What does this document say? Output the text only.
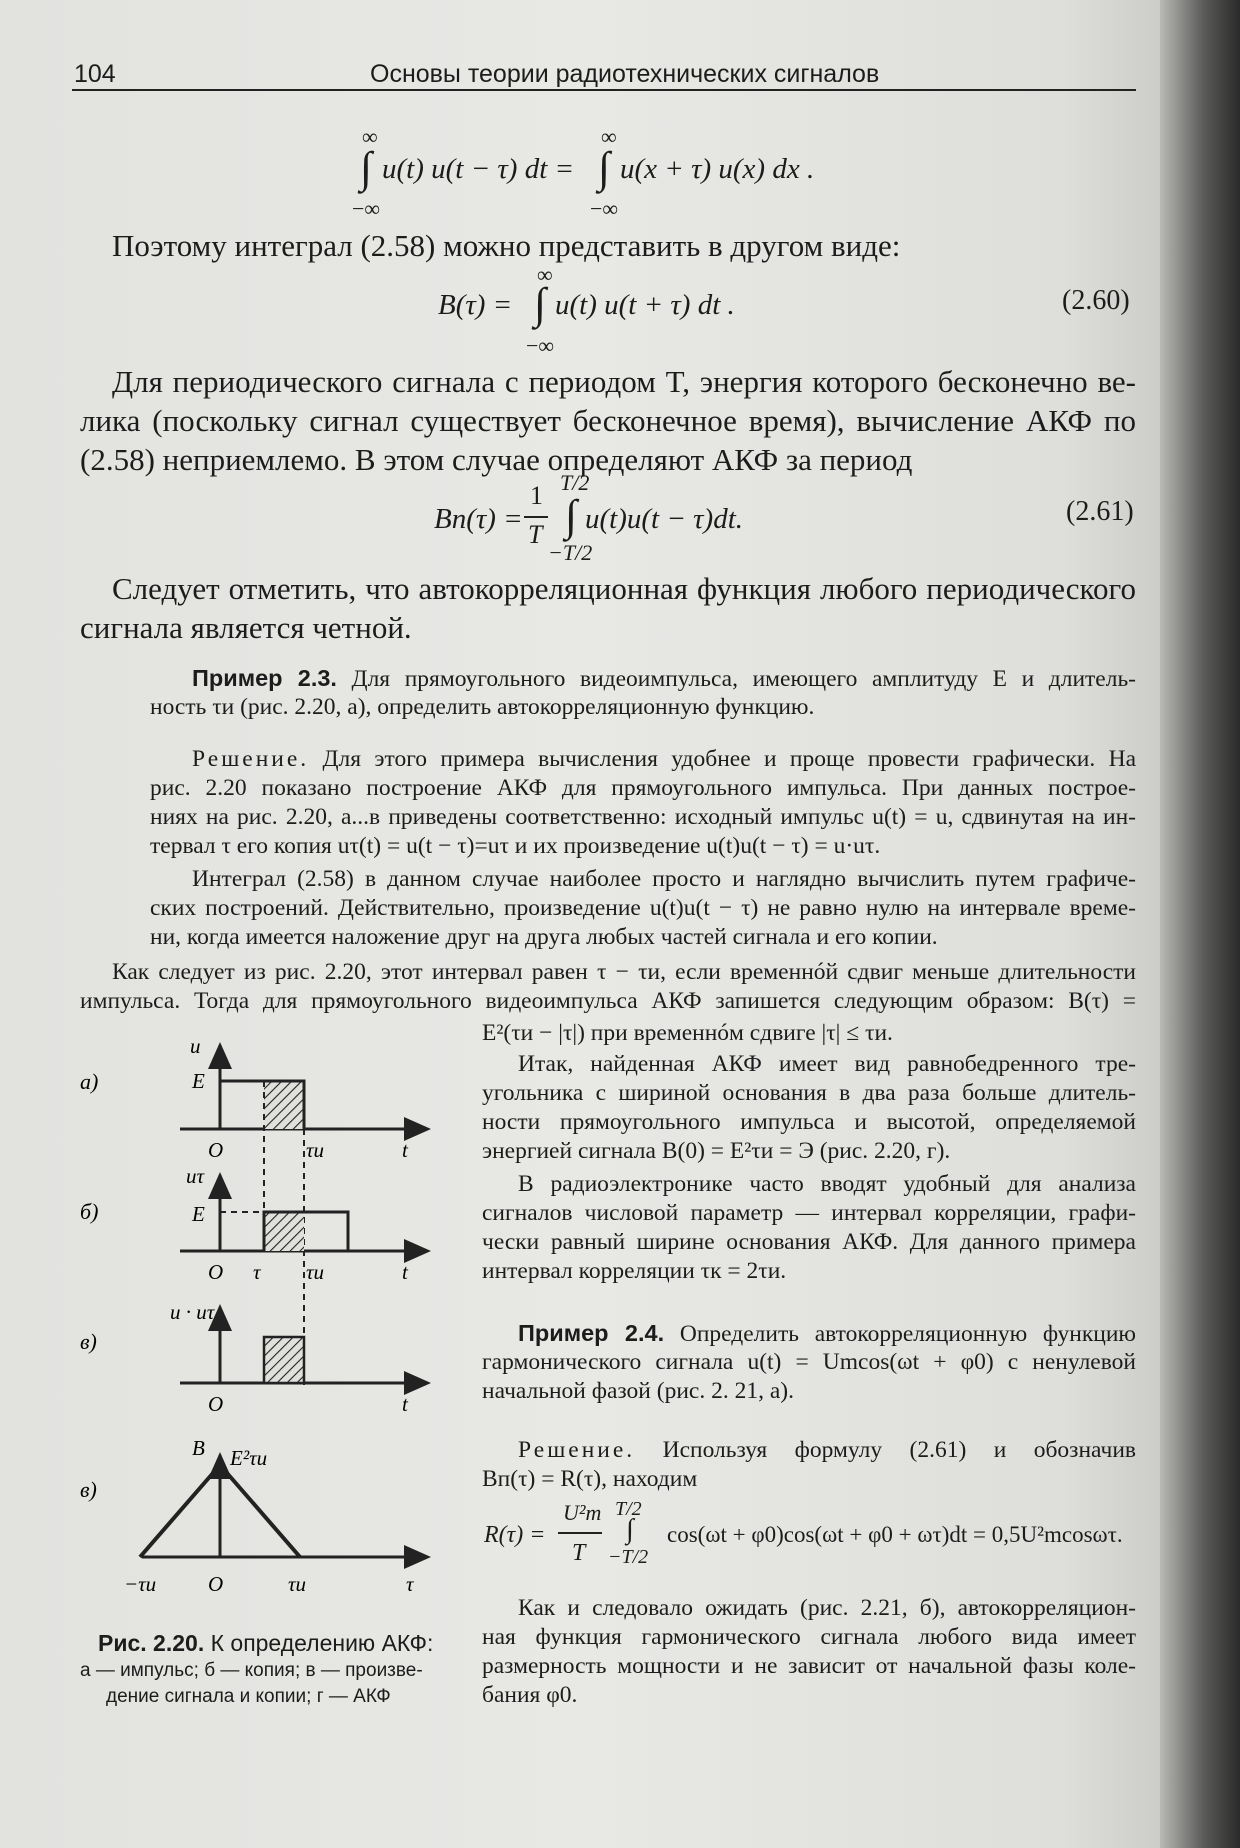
104	Основы теории радиотехнических сигналов
∞
∫
−∞
u(t) u(t − τ) dt =
∞
∫
−∞
u(x + τ) u(x) dx .
Поэтому интеграл (2.58) можно представить в другом виде:
B(τ) =
∞
∫
−∞
u(t) u(t + τ) dt .	(2.60)
Для периодического сигнала с периодом T, энергия которого бесконечно ве-
лика (поскольку сигнал существует бесконечное время), вычисление АКФ по
(2.58) неприемлемо. В этом случае определяют АКФ за период
Bп(τ) =
1
T
T/2
∫
−T/2
u(t)u(t − τ)dt.	(2.61)
Следует отметить, что автокорреляционная функция любого периодического
сигнала является четной.
Пример 2.3. Для прямоугольного видеоимпульса, имеющего амплитуду E и длитель-
ность τи (рис. 2.20, а), определить автокорреляционную функцию.
Решение. Для этого примера вычисления удобнее и проще провести графически. На
рис. 2.20 показано построение АКФ для прямоугольного импульса. При данных построе-
ниях на рис. 2.20, а...в приведены соответственно: исходный импульс u(t) = u, сдвинутая на ин-
тервал τ его копия uτ(t) = u(t − τ)=uτ и их произведение u(t)u(t − τ) = u·uτ.
Интеграл (2.58) в данном случае наиболее просто и наглядно вычислить путем графиче-
ских построений. Действительно, произведение u(t)u(t − τ) не равно нулю на интервале време-
ни, когда имеется наложение друг на друга любых частей сигнала и его копии.
Как следует из рис. 2.20, этот интервал равен τ − τи, если временнóй сдвиг меньше длительности
импульса. Тогда для прямоугольного видеоимпульса АКФ запишется следующим образом: B(τ) =
E²(τи − |τ|) при временнóм сдвиге |τ| ≤ τи.
Итак, найденная АКФ имеет вид равнобедренного тре-
угольника с шириной основания в два раза больше длитель-
ности прямоугольного импульса и высотой, определяемой
энергией сигнала B(0) = E²τи = Э (рис. 2.20, г).
В радиоэлектронике часто вводят удобный для анализа
сигналов числовой параметр — интервал корреляции, графи-
чески равный ширине основания АКФ. Для данного примера
интервал корреляции τк = 2τи.
Пример 2.4. Определить автокорреляционную функцию
гармонического сигнала u(t) = Umcos(ωt + φ0) с ненулевой
начальной фазой (рис. 2. 21, а).
Решение. Используя формулу (2.61) и обозначив
Bп(τ) = R(τ), находим
R(τ) =
U²m
T
T/2
∫
−T/2
cos(ωt + φ0)cos(ωt + φ0 + ωτ)dt = 0,5U²mcosωτ.
Как и следовало ожидать (рис. 2.21, б), автокорреляцион-
ная функция гармонического сигнала любого вида имеет
размерность мощности и не зависит от начальной фазы коле-
бания φ0.
а)
u
E
O	τи	t
б)
uτ
E
O τ τи	t
в)
u · uτ
O	t
в)
B E²τи
−τи O	τи	τ
Рис. 2.20. К определению АКФ:
а — импульс; б — копия; в — произве-
дение сигнала и копии; г — АКФ
